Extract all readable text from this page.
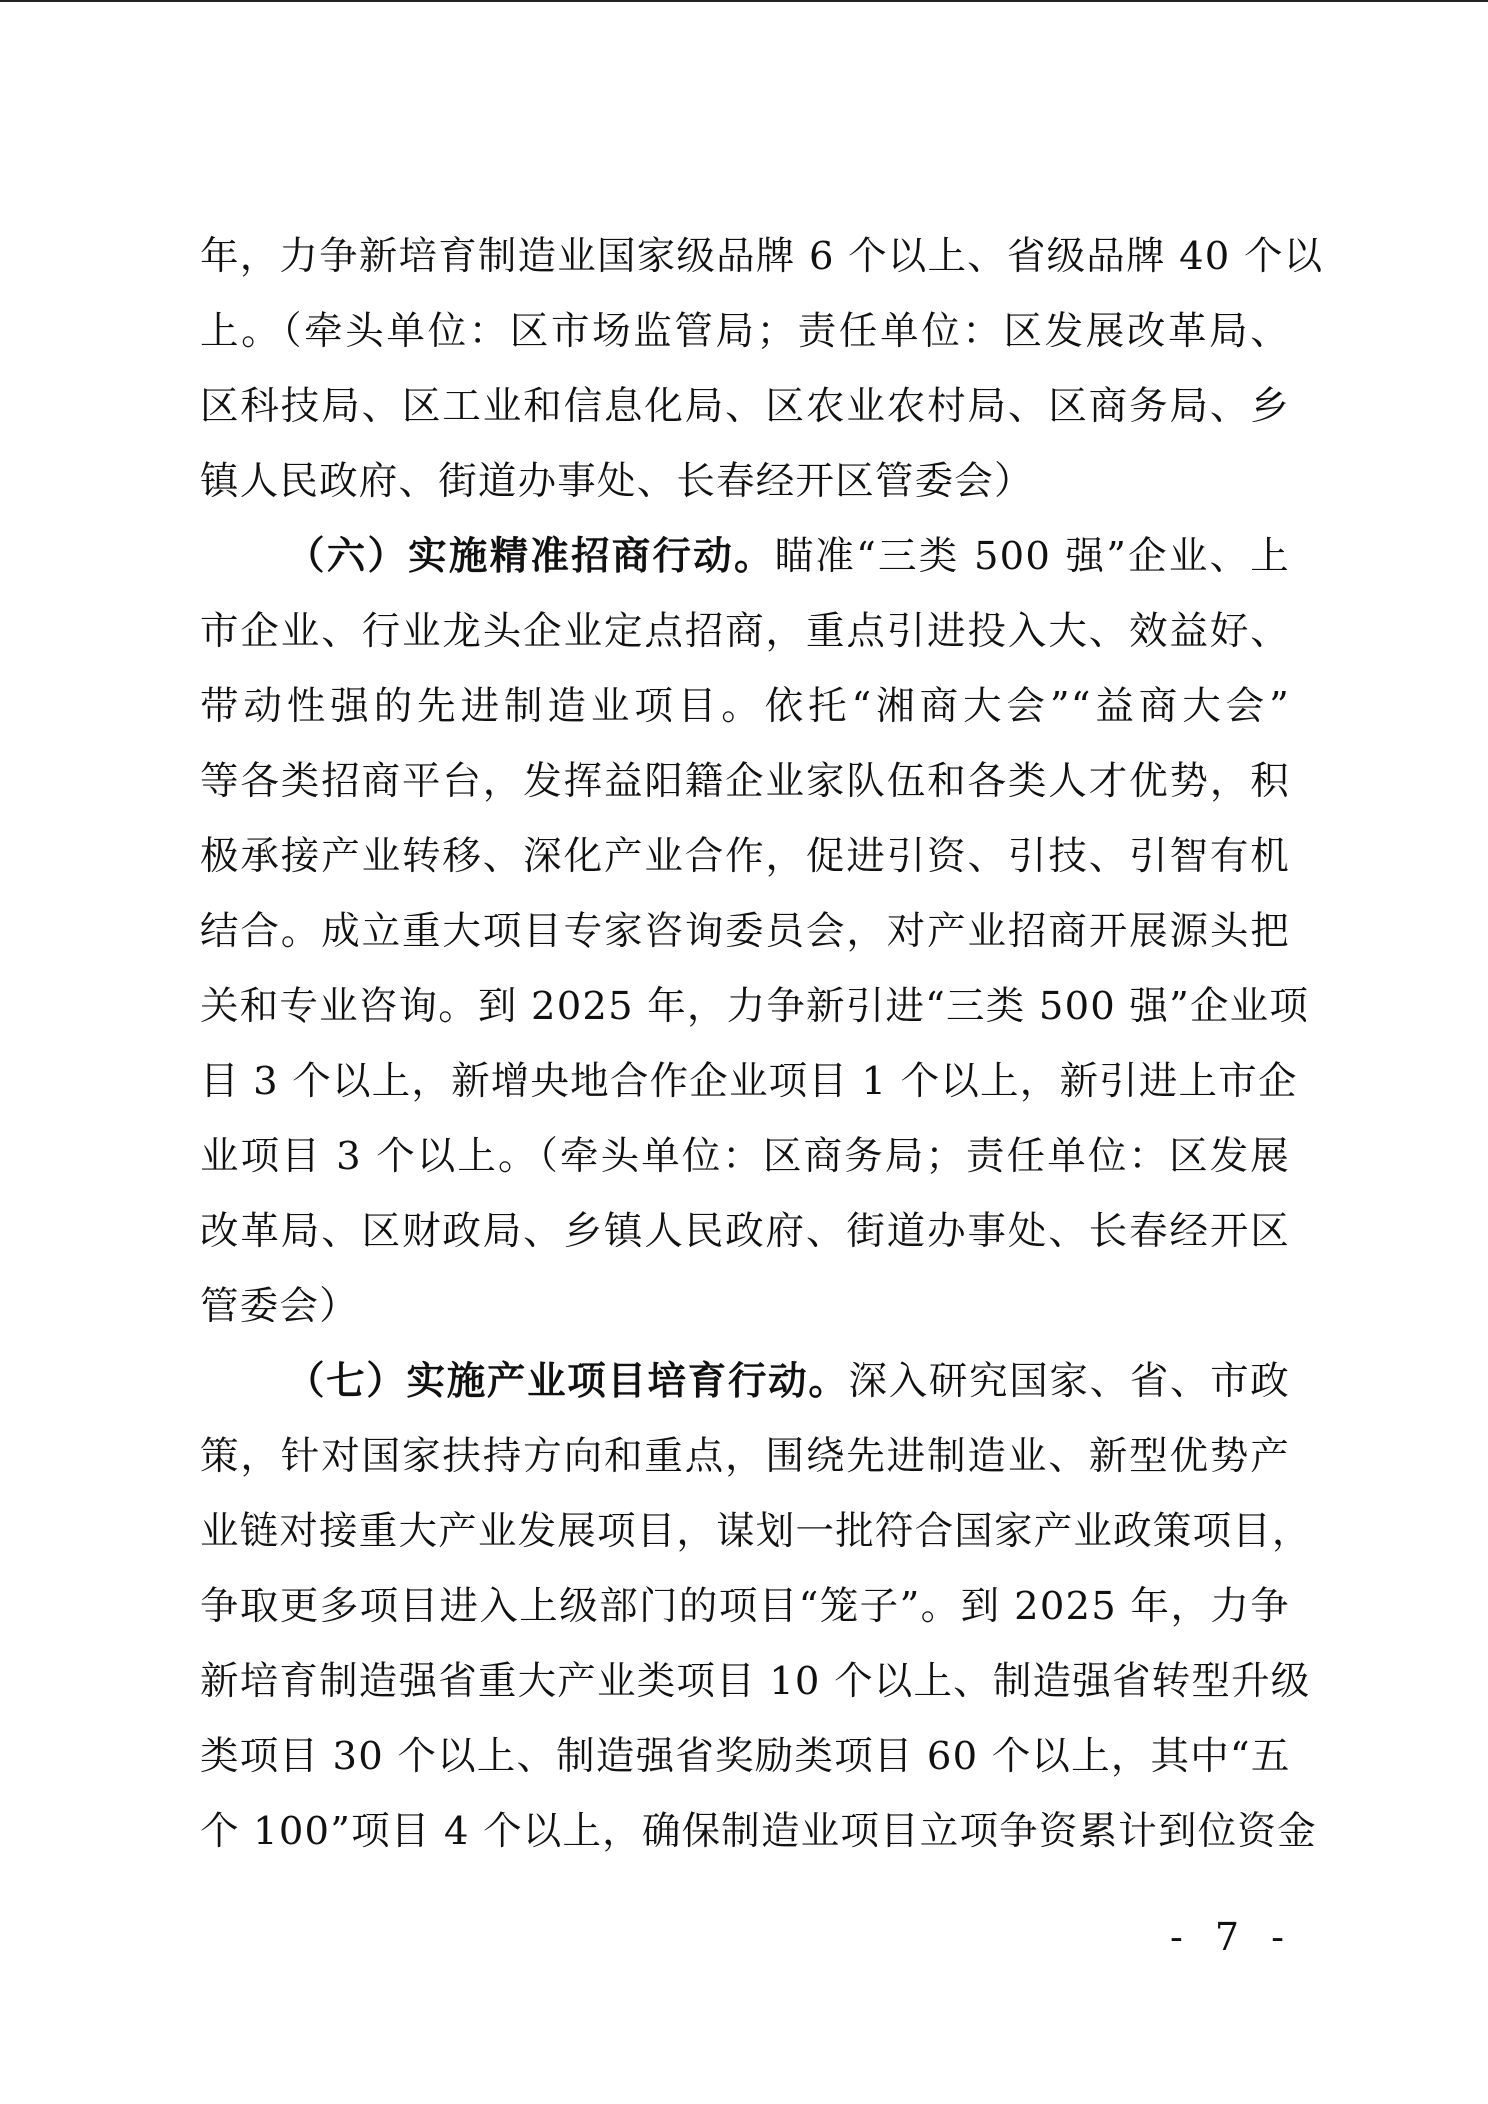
年，力争新培育制造业国家级品牌 6 个以上、省级品牌 40 个以
上。（牵头单位：区市场监管局；责任单位：区发展改革局、
区科技局、区工业和信息化局、区农业农村局、区商务局、乡
镇人民政府、街道办事处、长春经开区管委会）
（六）实施精准招商行动。瞄准“三类 500 强”企业、上
市企业、行业龙头企业定点招商，重点引进投入大、效益好、
带动性强的先进制造业项目。依托“湘商大会”“益商大会”
等各类招商平台，发挥益阳籍企业家队伍和各类人才优势，积
极承接产业转移、深化产业合作，促进引资、引技、引智有机
结合。成立重大项目专家咨询委员会，对产业招商开展源头把
关和专业咨询。到 2025 年，力争新引进“三类 500 强”企业项
目 3 个以上，新增央地合作企业项目 1 个以上，新引进上市企
业项目 3 个以上。（牵头单位：区商务局；责任单位：区发展
改革局、区财政局、乡镇人民政府、街道办事处、长春经开区
管委会）
（七）实施产业项目培育行动。深入研究国家、省、市政
策，针对国家扶持方向和重点，围绕先进制造业、新型优势产
业链对接重大产业发展项目，谋划一批符合国家产业政策项目，
争取更多项目进入上级部门的项目“笼子”。到 2025 年，力争
新培育制造强省重大产业类项目 10 个以上、制造强省转型升级
类项目 30 个以上、制造强省奖励类项目 60 个以上，其中“五
个 100”项目 4 个以上，确保制造业项目立项争资累计到位资金
- 7 -
